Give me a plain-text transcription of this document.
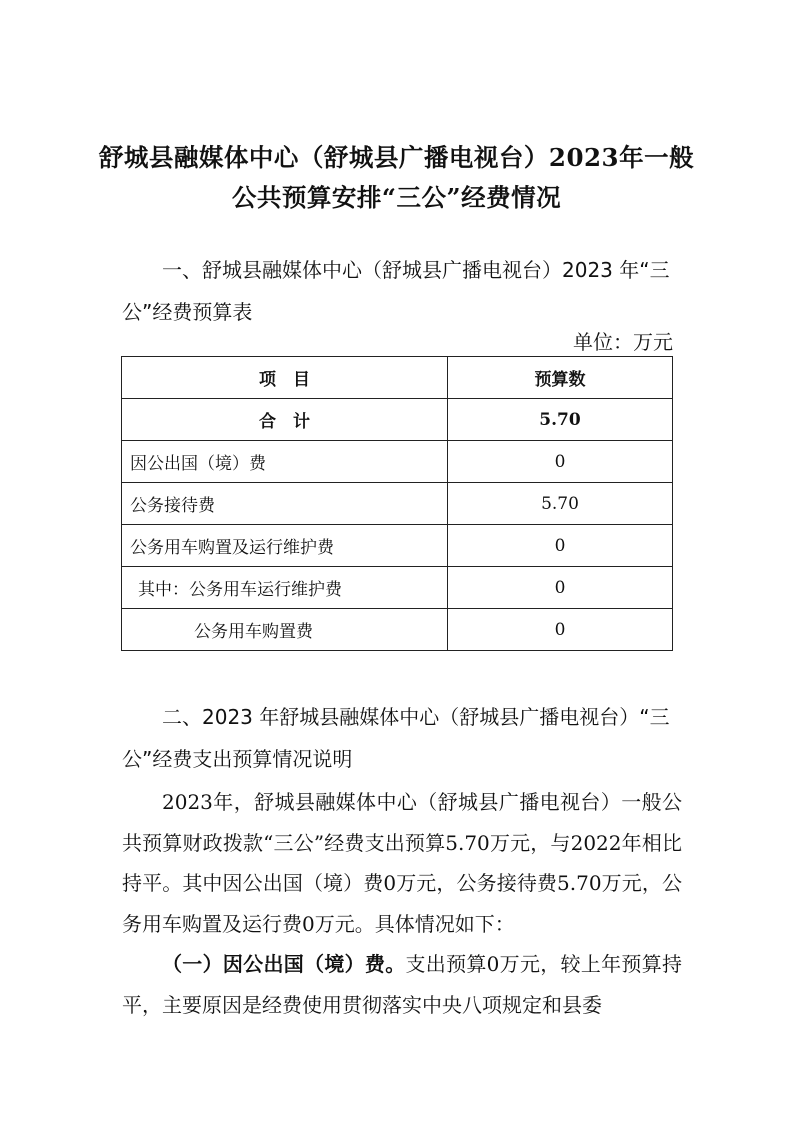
舒城县融媒体中心（舒城县广播电视台）2023年一般
公共预算安排“三公”经费情况
一、舒城县融媒体中心（舒城县广播电视台）2023 年“三公”经费预算表
单位：万元
项　目	预算数
合　计	5.70
因公出国（境）费	0
公务接待费	5.70
公务用车购置及运行维护费	0
其中：公务用车运行维护费	0
公务用车购置费	0
二、2023 年舒城县融媒体中心（舒城县广播电视台）“三公”经费支出预算情况说明
2023年，舒城县融媒体中心（舒城县广播电视台）一般公共预算财政拨款“三公”经费支出预算5.70万元，与2022年相比持平。其中因公出国（境）费0万元，公务接待费5.70万元，公务用车购置及运行费0万元。具体情况如下：
（一）因公出国（境）费。支出预算0万元，较上年预算持平，主要原因是经费使用贯彻落实中央八项规定和县委
